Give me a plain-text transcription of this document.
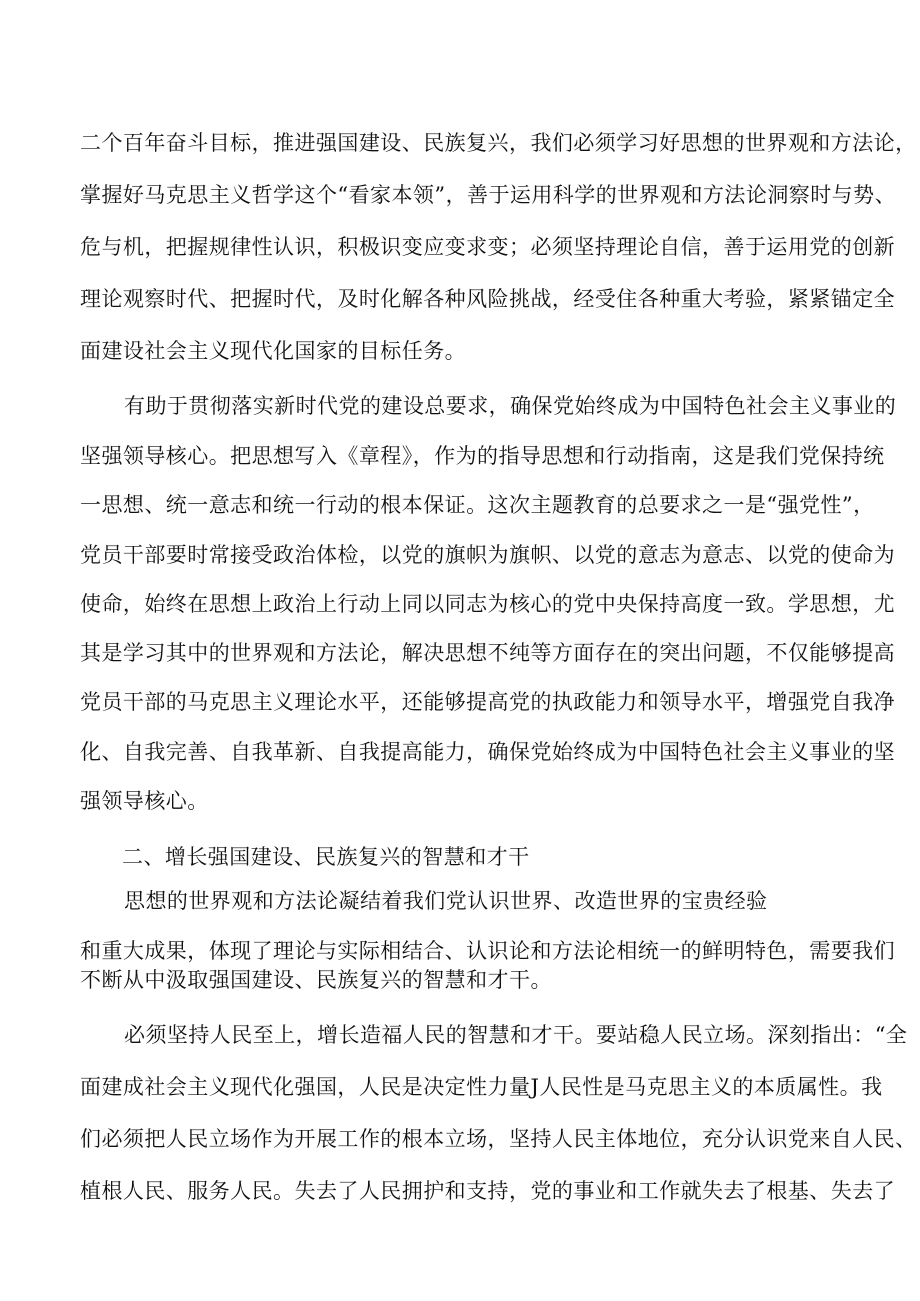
二个百年奋斗目标，推进强国建设、民族复兴，我们必须学习好思想的世界观和方法论，
掌握好马克思主义哲学这个“看家本领”，善于运用科学的世界观和方法论洞察时与势、
危与机，把握规律性认识，积极识变应变求变；必须坚持理论自信，善于运用党的创新
理论观察时代、把握时代，及时化解各种风险挑战，经受住各种重大考验，紧紧锚定全
面建设社会主义现代化国家的目标任务。
有助于贯彻落实新时代党的建设总要求，确保党始终成为中国特色社会主义事业的
坚强领导核心。把思想写入《章程》，作为的指导思想和行动指南，这是我们党保持统
一思想、统一意志和统一行动的根本保证。这次主题教育的总要求之一是“强党性”，
党员干部要时常接受政治体检，以党的旗帜为旗帜、以党的意志为意志、以党的使命为
使命，始终在思想上政治上行动上同以同志为核心的党中央保持高度一致。学思想，尤
其是学习其中的世界观和方法论，解决思想不纯等方面存在的突出问题，不仅能够提高
党员干部的马克思主义理论水平，还能够提高党的执政能力和领导水平，增强党自我净
化、自我完善、自我革新、自我提高能力，确保党始终成为中国特色社会主义事业的坚
强领导核心。
二、增长强国建设、民族复兴的智慧和才干
思想的世界观和方法论凝结着我们党认识世界、改造世界的宝贵经验
和重大成果，体现了理论与实际相结合、认识论和方法论相统一的鲜明特色，需要我们
不断从中汲取强国建设、民族复兴的智慧和才干。
必须坚持人民至上，增长造福人民的智慧和才干。要站稳人民立场。深刻指出：“全
面建成社会主义现代化强国，人民是决定性力量J人民性是马克思主义的本质属性。我
们必须把人民立场作为开展工作的根本立场，坚持人民主体地位，充分认识党来自人民、
植根人民、服务人民。失去了人民拥护和支持，党的事业和工作就失去了根基、失去了
